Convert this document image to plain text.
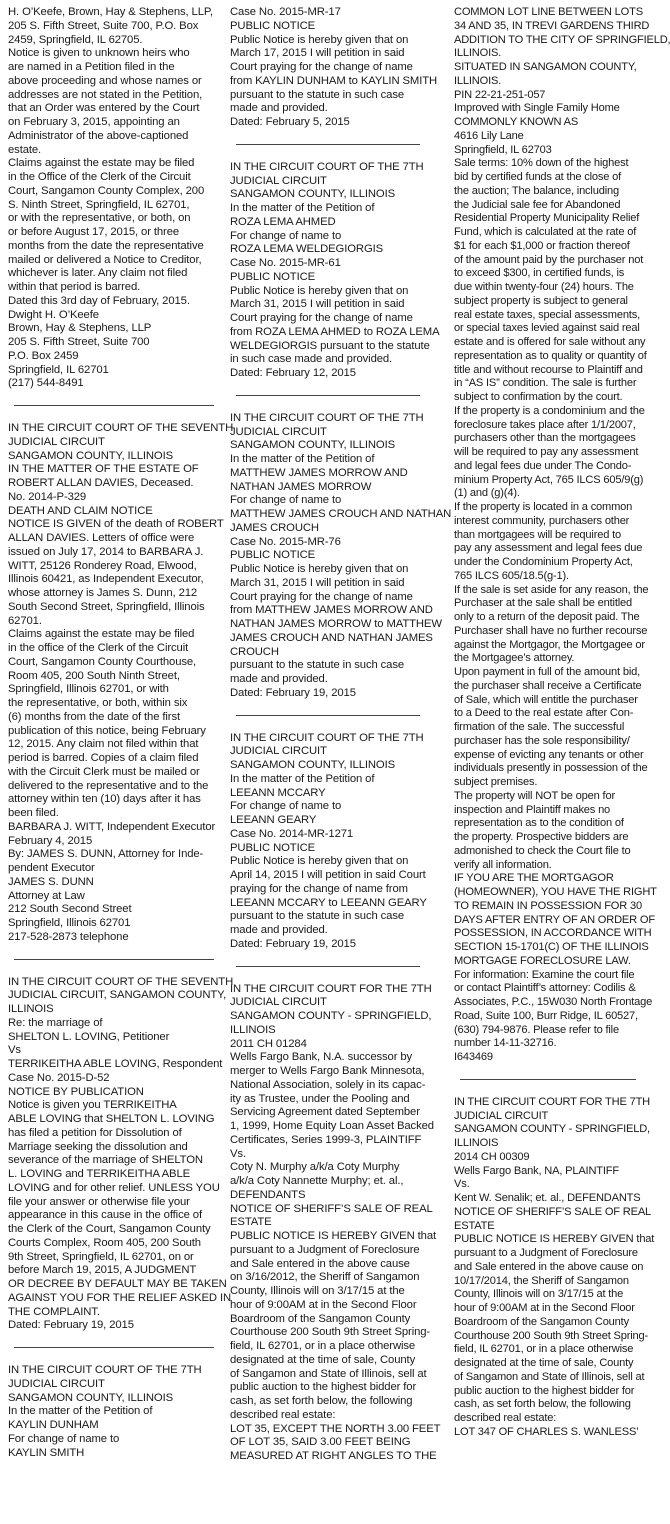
H. O’Keefe, Brown, Hay & Stephens, LLP,
205 S. Fifth Street, Suite 700, P.O. Box
2459, Springfield, IL 62705.
Notice is given to unknown heirs who
are named in a Petition filed in the
above proceeding and whose names or
addresses are not stated in the Petition,
that an Order was entered by the Court
on February 3, 2015, appointing an
Administrator of the above-captioned
estate.
Claims against the estate may be filed
in the Office of the Clerk of the Circuit
Court, Sangamon County Complex, 200
S. Ninth Street, Springfield, IL 62701,
or with the representative, or both, on
or before August 17, 2015, or three
months from the date the representative
mailed or delivered a Notice to Creditor,
whichever is later. Any claim not filed
within that period is barred.
Dated this 3rd day of February, 2015.
Dwight H. O’Keefe
Brown, Hay & Stephens, LLP
205 S. Fifth Street, Suite 700
P.O. Box 2459
Springfield, IL 62701
(217) 544-8491
IN THE CIRCUIT COURT OF THE SEVENTH
JUDICIAL CIRCUIT
SANGAMON COUNTY, ILLINOIS
IN THE MATTER OF THE ESTATE OF
ROBERT ALLAN DAVIES, Deceased.
No. 2014-P-329
DEATH AND CLAIM NOTICE
NOTICE IS GIVEN of the death of ROBERT
ALLAN DAVIES. Letters of office were
issued on July 17, 2014 to BARBARA J.
WITT, 25126 Ronderey Road, Elwood,
Illinois 60421, as Independent Executor,
whose attorney is James S. Dunn, 212
South Second Street, Springfield, Illinois
62701.
Claims against the estate may be filed
in the office of the Clerk of the Circuit
Court, Sangamon County Courthouse,
Room 405, 200 South Ninth Street,
Springfield, Illinois 62701, or with
the representative, or both, within six
(6) months from the date of the first
publication of this notice, being February
12, 2015. Any claim not filed within that
period is barred. Copies of a claim filed
with the Circuit Clerk must be mailed or
delivered to the representative and to the
attorney within ten (10) days after it has
been filed.
BARBARA J. WITT, Independent Executor
February 4, 2015
By: JAMES S. DUNN, Attorney for Inde-
pendent Executor
JAMES S. DUNN
Attorney at Law
212 South Second Street
Springfield, Illinois 62701
217-528-2873 telephone
IN THE CIRCUIT COURT OF THE SEVENTH
JUDICIAL CIRCUIT, SANGAMON COUNTY,
ILLINOIS
Re: the marriage of
SHELTON L. LOVING, Petitioner
Vs
TERRIKEITHA ABLE LOVING, Respondent
Case No. 2015-D-52
NOTICE BY PUBLICATION
Notice is given you TERRIKEITHA
ABLE LOVING that SHELTON L. LOVING
has filed a petition for Dissolution of
Marriage seeking the dissolution and
severance of the marriage of SHELTON
L. LOVING and TERRIKEITHA ABLE
LOVING and for other relief. UNLESS YOU
file your answer or otherwise file your
appearance in this cause in the office of
the Clerk of the Court, Sangamon County
Courts Complex, Room 405, 200 South
9th Street, Springfield, IL 62701, on or
before March 19, 2015, A JUDGMENT
OR DECREE BY DEFAULT MAY BE TAKEN
AGAINST YOU FOR THE RELIEF ASKED IN
THE COMPLAINT.
Dated: February 19, 2015
IN THE CIRCUIT COURT OF THE 7TH
JUDICIAL CIRCUIT
SANGAMON COUNTY, ILLINOIS
In the matter of the Petition of
KAYLIN DUNHAM
For change of name to
KAYLIN SMITH
Case No. 2015-MR-17
PUBLIC NOTICE
Public Notice is hereby given that on
March 17, 2015 I will petition in said
Court praying for the change of name
from KAYLIN DUNHAM to KAYLIN SMITH
pursuant to the statute in such case
made and provided.
Dated: February 5, 2015
IN THE CIRCUIT COURT OF THE 7TH
JUDICIAL CIRCUIT
SANGAMON COUNTY, ILLINOIS
In the matter of the Petition of
ROZA LEMA AHMED
For change of name to
ROZA LEMA WELDEGIORGIS
Case No. 2015-MR-61
PUBLIC NOTICE
Public Notice is hereby given that on
March 31, 2015 I will petition in said
Court praying for the change of name
from ROZA LEMA AHMED to ROZA LEMA
WELDEGIORGIS pursuant to the statute
in such case made and provided.
Dated: February 12, 2015
IN THE CIRCUIT COURT OF THE 7TH
JUDICIAL CIRCUIT
SANGAMON COUNTY, ILLINOIS
In the matter of the Petition of
MATTHEW JAMES MORROW AND
NATHAN JAMES MORROW
For change of name to
MATTHEW JAMES CROUCH AND NATHAN
JAMES CROUCH
Case No. 2015-MR-76
PUBLIC NOTICE
Public Notice is hereby given that on
March 31, 2015 I will petition in said
Court praying for the change of name
from MATTHEW JAMES MORROW AND
NATHAN JAMES MORROW to MATTHEW
JAMES CROUCH AND NATHAN JAMES
CROUCH
pursuant to the statute in such case
made and provided.
Dated: February 19, 2015
IN THE CIRCUIT COURT OF THE 7TH
JUDICIAL CIRCUIT
SANGAMON COUNTY, ILLINOIS
In the matter of the Petition of
LEEANN MCCARY
For change of name to
LEEANN GEARY
Case No. 2014-MR-1271
PUBLIC NOTICE
Public Notice is hereby given that on
April 14, 2015 I will petition in said Court
praying for the change of name from
LEEANN MCCARY to LEEANN GEARY
pursuant to the statute in such case
made and provided.
Dated: February 19, 2015
IN THE CIRCUIT COURT FOR THE 7TH
JUDICIAL CIRCUIT
SANGAMON COUNTY - SPRINGFIELD,
ILLINOIS
2011 CH 01284
Wells Fargo Bank, N.A. successor by
merger to Wells Fargo Bank Minnesota,
National Association, solely in its capac-
ity as Trustee, under the Pooling and
Servicing Agreement dated September
1, 1999, Home Equity Loan Asset Backed
Certificates, Series 1999-3, PLAINTIFF
Vs.
Coty N. Murphy a/k/a Coty Murphy
a/k/a Coty Nannette Murphy; et. al.,
DEFENDANTS
NOTICE OF SHERIFF’S SALE OF REAL
ESTATE
PUBLIC NOTICE IS HEREBY GIVEN that
pursuant to a Judgment of Foreclosure
and Sale entered in the above cause
on 3/16/2012, the Sheriff of Sangamon
County, Illinois will on 3/17/15 at the
hour of 9:00AM at in the Second Floor
Boardroom of the Sangamon County
Courthouse 200 South 9th Street Spring-
field, IL 62701, or in a place otherwise
designated at the time of sale, County
of Sangamon and State of Illinois, sell at
public auction to the highest bidder for
cash, as set forth below, the following
described real estate:
LOT 35, EXCEPT THE NORTH 3.00 FEET
OF LOT 35, SAID 3.00 FEET BEING
MEASURED AT RIGHT ANGLES TO THE
COMMON LOT LINE BETWEEN LOTS
34 AND 35, IN TREVI GARDENS THIRD
ADDITION TO THE CITY OF SPRINGFIELD,
ILLINOIS.
SITUATED IN SANGAMON COUNTY,
ILLINOIS.
PIN 22-21-251-057
Improved with Single Family Home
COMMONLY KNOWN AS
4616 Lily Lane
Springfield, IL 62703
Sale terms: 10% down of the highest
bid by certified funds at the close of
the auction; The balance, including
the Judicial sale fee for Abandoned
Residential Property Municipality Relief
Fund, which is calculated at the rate of
$1 for each $1,000 or fraction thereof
of the amount paid by the purchaser not
to exceed $300, in certified funds, is
due within twenty-four (24) hours. The
subject property is subject to general
real estate taxes, special assessments,
or special taxes levied against said real
estate and is offered for sale without any
representation as to quality or quantity of
title and without recourse to Plaintiff and
in “AS IS” condition. The sale is further
subject to confirmation by the court.
If the property is a condominium and the
foreclosure takes place after 1/1/2007,
purchasers other than the mortgagees
will be required to pay any assessment
and legal fees due under The Condo-
minium Property Act, 765 ILCS 605/9(g)
(1) and (g)(4).
If the property is located in a common
interest community, purchasers other
than mortgagees will be required to
pay any assessment and legal fees due
under the Condominium Property Act,
765 ILCS 605/18.5(g-1).
If the sale is set aside for any reason, the
Purchaser at the sale shall be entitled
only to a return of the deposit paid. The
Purchaser shall have no further recourse
against the Mortgagor, the Mortgagee or
the Mortgagee’s attorney.
Upon payment in full of the amount bid,
the purchaser shall receive a Certificate
of Sale, which will entitle the purchaser
to a Deed to the real estate after Con-
firmation of the sale. The successful
purchaser has the sole responsibility/
expense of evicting any tenants or other
individuals presently in possession of the
subject premises.
The property will NOT be open for
inspection and Plaintiff makes no
representation as to the condition of
the property. Prospective bidders are
admonished to check the Court file to
verify all information.
IF YOU ARE THE MORTGAGOR
(HOMEOWNER), YOU HAVE THE RIGHT
TO REMAIN IN POSSESSION FOR 30
DAYS AFTER ENTRY OF AN ORDER OF
POSSESSION, IN ACCORDANCE WITH
SECTION 15-1701(C) OF THE ILLINOIS
MORTGAGE FORECLOSURE LAW.
For information: Examine the court file
or contact Plaintiff’s attorney: Codilis &
Associates, P.C., 15W030 North Frontage
Road, Suite 100, Burr Ridge, IL 60527,
(630) 794-9876. Please refer to file
number 14-11-32716.
I643469
IN THE CIRCUIT COURT FOR THE 7TH
JUDICIAL CIRCUIT
SANGAMON COUNTY - SPRINGFIELD,
ILLINOIS
2014 CH 00309
Wells Fargo Bank, NA, PLAINTIFF
Vs.
Kent W. Senalik; et. al., DEFENDANTS
NOTICE OF SHERIFF’S SALE OF REAL
ESTATE
PUBLIC NOTICE IS HEREBY GIVEN that
pursuant to a Judgment of Foreclosure
and Sale entered in the above cause on
10/17/2014, the Sheriff of Sangamon
County, Illinois will on 3/17/15 at the
hour of 9:00AM at in the Second Floor
Boardroom of the Sangamon County
Courthouse 200 South 9th Street Spring-
field, IL 62701, or in a place otherwise
designated at the time of sale, County
of Sangamon and State of Illinois, sell at
public auction to the highest bidder for
cash, as set forth below, the following
described real estate:
LOT 347 OF CHARLES S. WANLESS’
